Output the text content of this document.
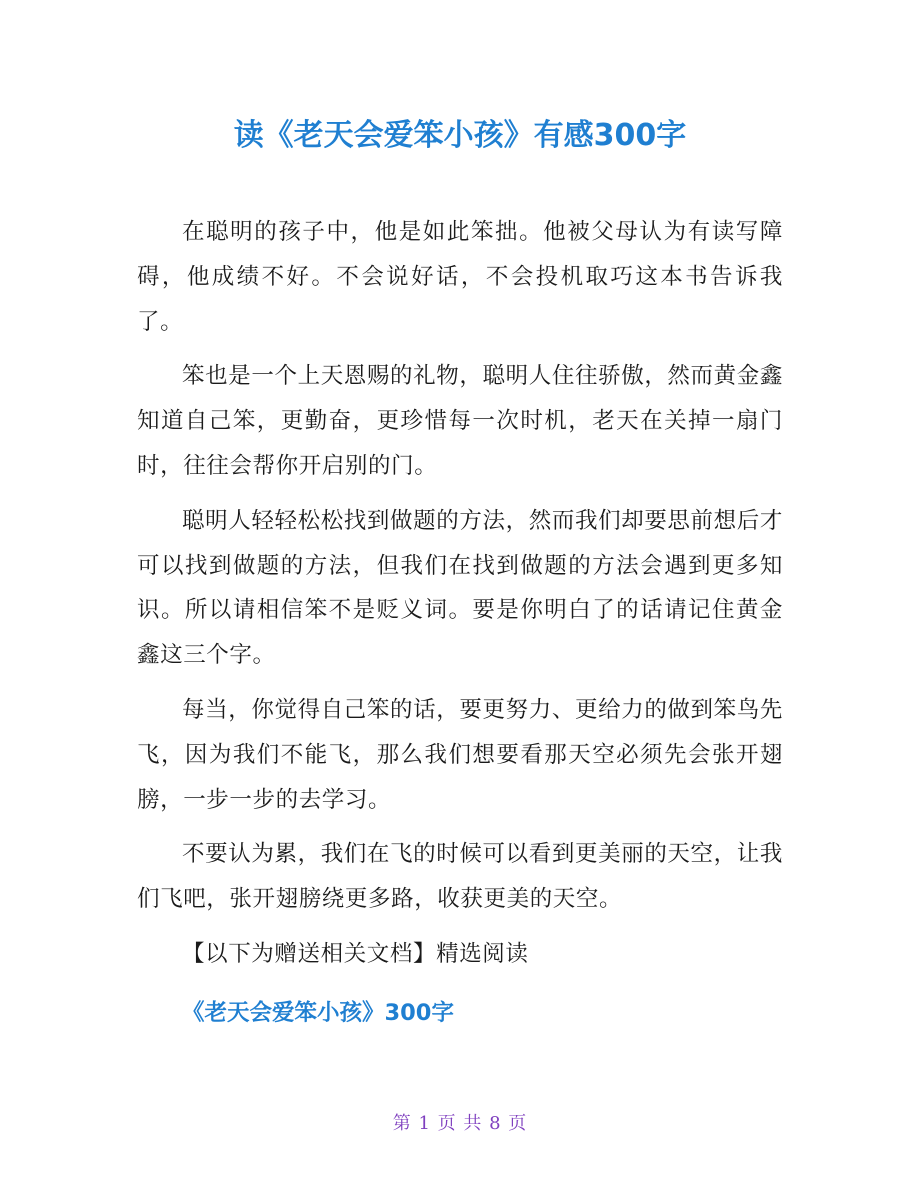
读《老天会爱笨小孩》有感300字

在聪明的孩子中，他是如此笨拙。他被父母认为有读写障碍，他成绩不好。不会说好话，不会投机取巧这本书告诉我了。

笨也是一个上天恩赐的礼物，聪明人住往骄傲，然而黄金鑫知道自己笨，更勤奋，更珍惜每一次时机，老天在关掉一扇门时，往往会帮你开启别的门。

聪明人轻轻松松找到做题的方法，然而我们却要思前想后才可以找到做题的方法，但我们在找到做题的方法会遇到更多知识。所以请相信笨不是贬义词。要是你明白了的话请记住黄金鑫这三个字。

每当，你觉得自己笨的话，要更努力、更给力的做到笨鸟先飞，因为我们不能飞，那么我们想要看那天空必须先会张开翅膀，一步一步的去学习。

不要认为累，我们在飞的时候可以看到更美丽的天空，让我们飞吧，张开翅膀绕更多路，收获更美的天空。

【以下为赠送相关文档】精选阅读

《老天会爱笨小孩》300字
第 1 页 共 8 页
